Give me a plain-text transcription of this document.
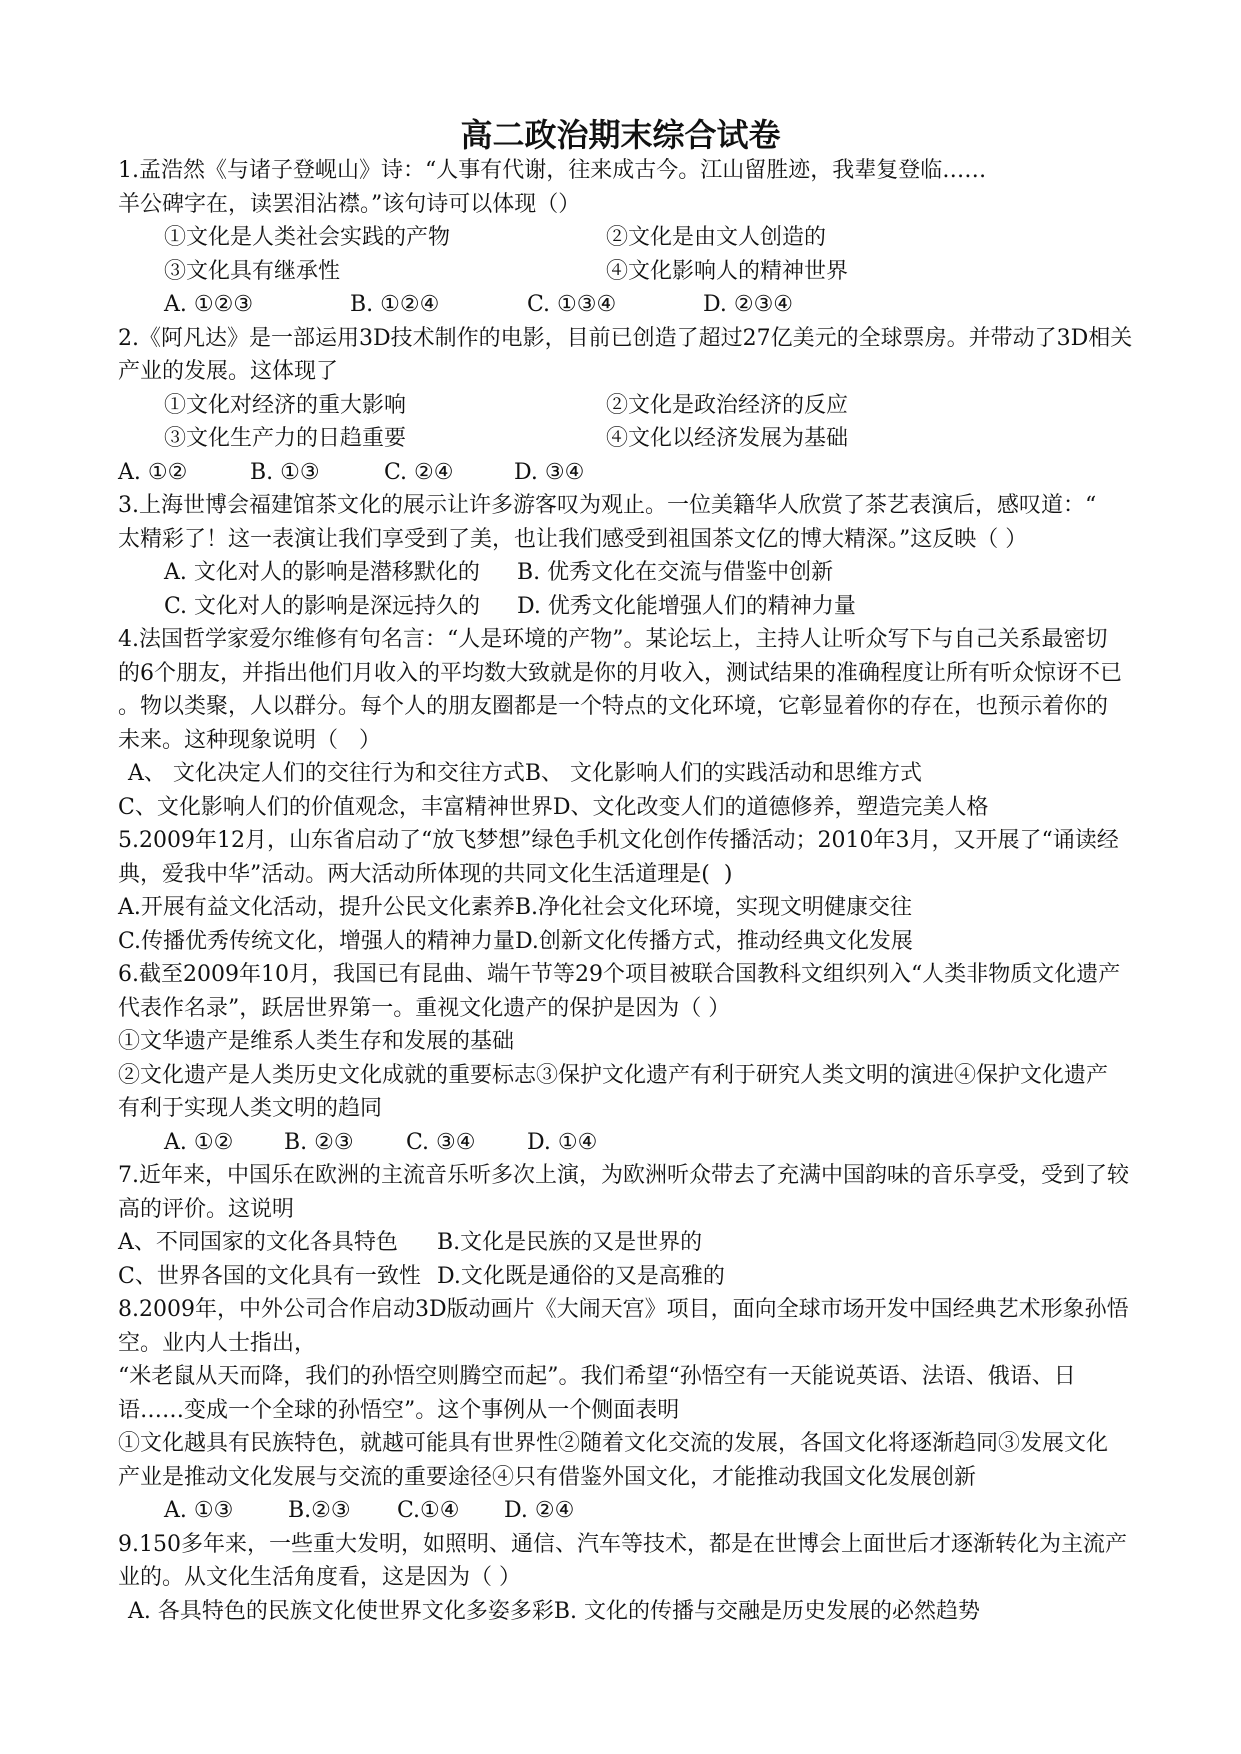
高二政治期末综合试卷
1.孟浩然《与诸子登岘山》诗：“人事有代谢，往来成古今。江山留胜迹，我辈复登临……
羊公碑字在，读罢泪沾襟。”该句诗可以体现（）

①文化是人类社会实践的产物

	②文化是由文人创造的

③文化具有继承性

	④文化影响人的精神世界

A. ①②③

	B. ①②④

	C. ①③④

	D. ②③④

2.《阿凡达》是一部运用3D技术制作的电影，目前已创造了超过27亿美元的全球票房。并带动了3D相关
产业的发展。这体现了

①文化对经济的重大影响

	②文化是政治经济的反应

③文化生产力的日趋重要

	④文化以经济发展为基础

A. ①②

	B. ①③

	C. ②④

	D. ③④

3.上海世博会福建馆茶文化的展示让许多游客叹为观止。一位美籍华人欣赏了茶艺表演后，感叹道：“
太精彩了！这一表演让我们享受到了美，也让我们感受到祖国茶文亿的博大精深。”这反映（ ）

A. 文化对人的影响是潜移默化的

B. 优秀文化在交流与借鉴中创新

C. 文化对人的影响是深远持久的

D. 优秀文化能增强人们的精神力量

4.法国哲学家爱尔维修有句名言：“人是环境的产物”。某论坛上，主持人让听众写下与自己关系最密切
的6个朋友，并指出他们月收入的平均数大致就是你的月收入，测试结果的准确程度让所有听众惊讶不已
。物以类聚，人以群分。每个人的朋友圈都是一个特点的文化环境，它彰显着你的存在，也预示着你的
未来。这种现象说明（   ）
A、 文化决定人们的交往行为和交往方式B、 文化影响人们的实践活动和思维方式
C、文化影响人们的价值观念，丰富精神世界D、文化改变人们的道德修养，塑造完美人格
5.2009年12月，山东省启动了“放飞梦想”绿色手机文化创作传播活动；2010年3月，又开展了“诵读经
典，爱我中华”活动。两大活动所体现的共同文化生活道理是(  )
A.开展有益文化活动，提升公民文化素养B.净化社会文化环境，实现文明健康交往
C.传播优秀传统文化，增强人的精神力量D.创新文化传播方式，推动经典文化发展
6.截至2009年10月，我国已有昆曲、端午节等29个项目被联合国教科文组织列入“人类非物质文化遗产
代表作名录”，跃居世界第一。重视文化遗产的保护是因为（ ）
①文华遗产是维系人类生存和发展的基础
②文化遗产是人类历史文化成就的重要标志③保护文化遗产有利于研究人类文明的演进④保护文化遗产
有利于实现人类文明的趋同

A. ①②

B. ②③

C. ③④

D. ①④

7.近年来，中国乐在欧洲的主流音乐听多次上演，为欧洲听众带去了充满中国韵味的音乐享受，受到了较
高的评价。这说明

A、不同国家的文化各具特色

B.文化是民族的又是世界的

C、世界各国的文化具有一致性

D.文化既是通俗的又是高雅的

8.2009年，中外公司合作启动3D版动画片《大闹天宫》项目，面向全球市场开发中国经典艺术形象孙悟
空。业内人士指出，
“米老鼠从天而降，我们的孙悟空则腾空而起”。我们希望“孙悟空有一天能说英语、法语、俄语、日
语……变成一个全球的孙悟空”。这个事例从一个侧面表明
①文化越具有民族特色，就越可能具有世界性②随着文化交流的发展，各国文化将逐渐趋同③发展文化
产业是推动文化发展与交流的重要途径④只有借鉴外国文化，才能推动我国文化发展创新

A. ①③

B.②③

C.①④

D. ②④

9.150多年来，一些重大发明，如照明、通信、汽车等技术，都是在世博会上面世后才逐渐转化为主流产
业的。从文化生活角度看，这是因为（ ）
A. 各具特色的民族文化使世界文化多姿多彩B. 文化的传播与交融是历史发展的必然趋势
